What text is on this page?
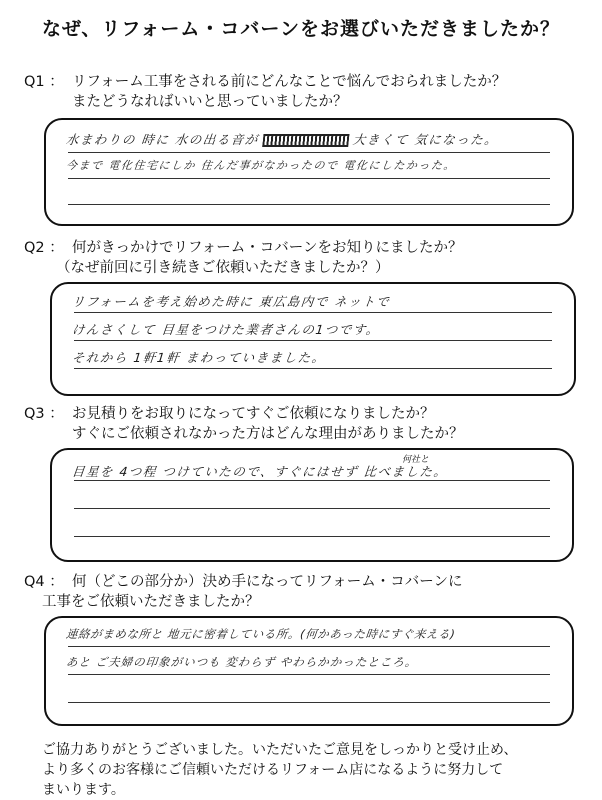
なぜ、リフォーム・コバーンをお選びいただきましたか？
Q1 ： リフォーム工事をされる前にどんなことで悩んでおられましたか？
またどうなればいいと思っていましたか？
水まわりの 時に 水の出る音が	大きくて 気になった。
今まで 電化住宅にしか 住んだ事がなかったので 電化にしたかった。
Q2 ： 何がきっかけでリフォーム・コバーンをお知りにましたか？
（なぜ前回に引き続きご依頼いただきましたか？）
リフォームを考え始めた時に 東広島内で ネットで
けんさくして 目星をつけた業者さんの1つです。
それから 1軒1軒 まわっていきました。
Q3 ： お見積りをお取りになってすぐご依頼になりましたか？
すぐにご依頼されなかった方はどんな理由がありましたか？
何社と
目星を 4つ程 つけていたので、すぐにはせず 比べました。
Q4 ： 何（どこの部分か）決め手になってリフォーム・コバーンに
工事をご依頼いただきましたか？
連絡がまめな所と 地元に密着している所。(何かあった時にすぐ来える)
あと ご夫婦の印象がいつも 変わらず やわらかかったところ。
ご協力ありがとうございました。いただいたご意見をしっかりと受け止め、
より多くのお客様にご信頼いただけるリフォーム店になるように努力して
まいります。
